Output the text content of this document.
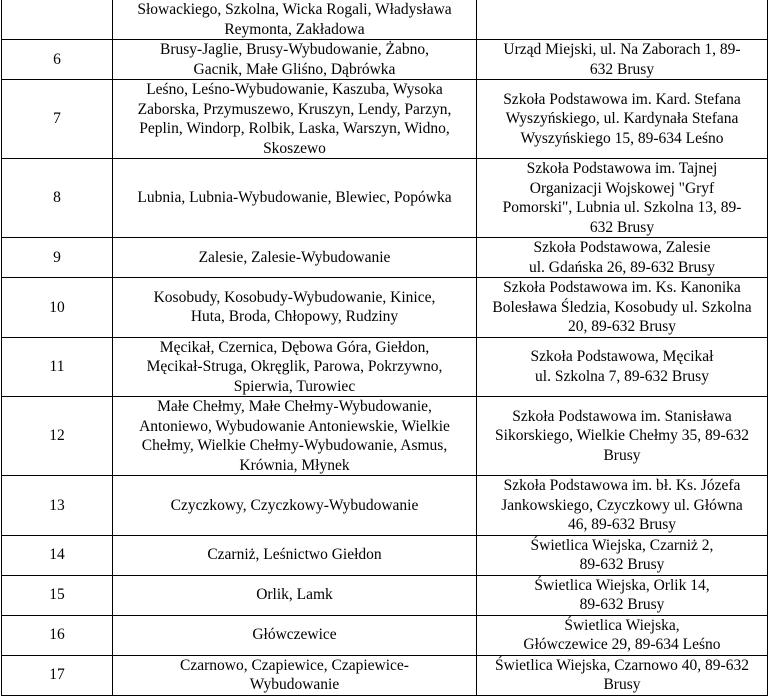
	Słowackiego, Szkolna, Wicka Rogali, Władysława
Reymonta, Zakładowa	
6	Brusy-Jaglie, Brusy-Wybudowanie, Żabno,
Gacnik, Małe Gliśno, Dąbrówka	Urząd Miejski, ul. Na Zaborach 1, 89-
632 Brusy
7	Leśno, Leśno-Wybudowanie, Kaszuba, Wysoka
Zaborska, Przymuszewo, Kruszyn, Lendy, Parzyn,
Peplin, Windorp, Rolbik, Laska, Warszyn, Widno,
Skoszewo	Szkoła Podstawowa im. Kard. Stefana
Wyszyńskiego, ul. Kardynała Stefana
Wyszyńskiego 15, 89-634 Leśno
8	Lubnia, Lubnia-Wybudowanie, Blewiec, Popówka	Szkoła Podstawowa im. Tajnej
Organizacji Wojskowej "Gryf
Pomorski", Lubnia ul. Szkolna 13, 89-
632 Brusy
9	Zalesie, Zalesie-Wybudowanie	Szkoła Podstawowa, Zalesie
ul. Gdańska 26, 89-632 Brusy
10	Kosobudy, Kosobudy-Wybudowanie, Kinice,
Huta, Broda, Chłopowy, Rudziny	Szkoła Podstawowa im. Ks. Kanonika
Bolesława Śledzia, Kosobudy ul. Szkolna
20, 89-632 Brusy
11	Męcikał, Czernica, Dębowa Góra, Giełdon,
Męcikał-Struga, Okręglik, Parowa, Pokrzywno,
Spierwia, Turowiec	Szkoła Podstawowa, Męcikał
ul. Szkolna 7, 89-632 Brusy
12	Małe Chełmy, Małe Chełmy-Wybudowanie,
Antoniewo, Wybudowanie Antoniewskie, Wielkie
Chełmy, Wielkie Chełmy-Wybudowanie, Asmus,
Krównia, Młynek	Szkoła Podstawowa im. Stanisława
Sikorskiego, Wielkie Chełmy 35, 89-632
Brusy
13	Czyczkowy, Czyczkowy-Wybudowanie	Szkoła Podstawowa im. bł. Ks. Józefa
Jankowskiego, Czyczkowy ul. Główna
46, 89-632 Brusy
14	Czarniż, Leśnictwo Giełdon	Świetlica Wiejska, Czarniż 2,
89-632 Brusy
15	Orlik, Lamk	Świetlica Wiejska, Orlik 14,
89-632 Brusy
16	Główczewice	Świetlica Wiejska,
Główczewice 29, 89-634 Leśno
17	Czarnowo, Czapiewice, Czapiewice-
Wybudowanie	Świetlica Wiejska, Czarnowo 40, 89-632
Brusy
